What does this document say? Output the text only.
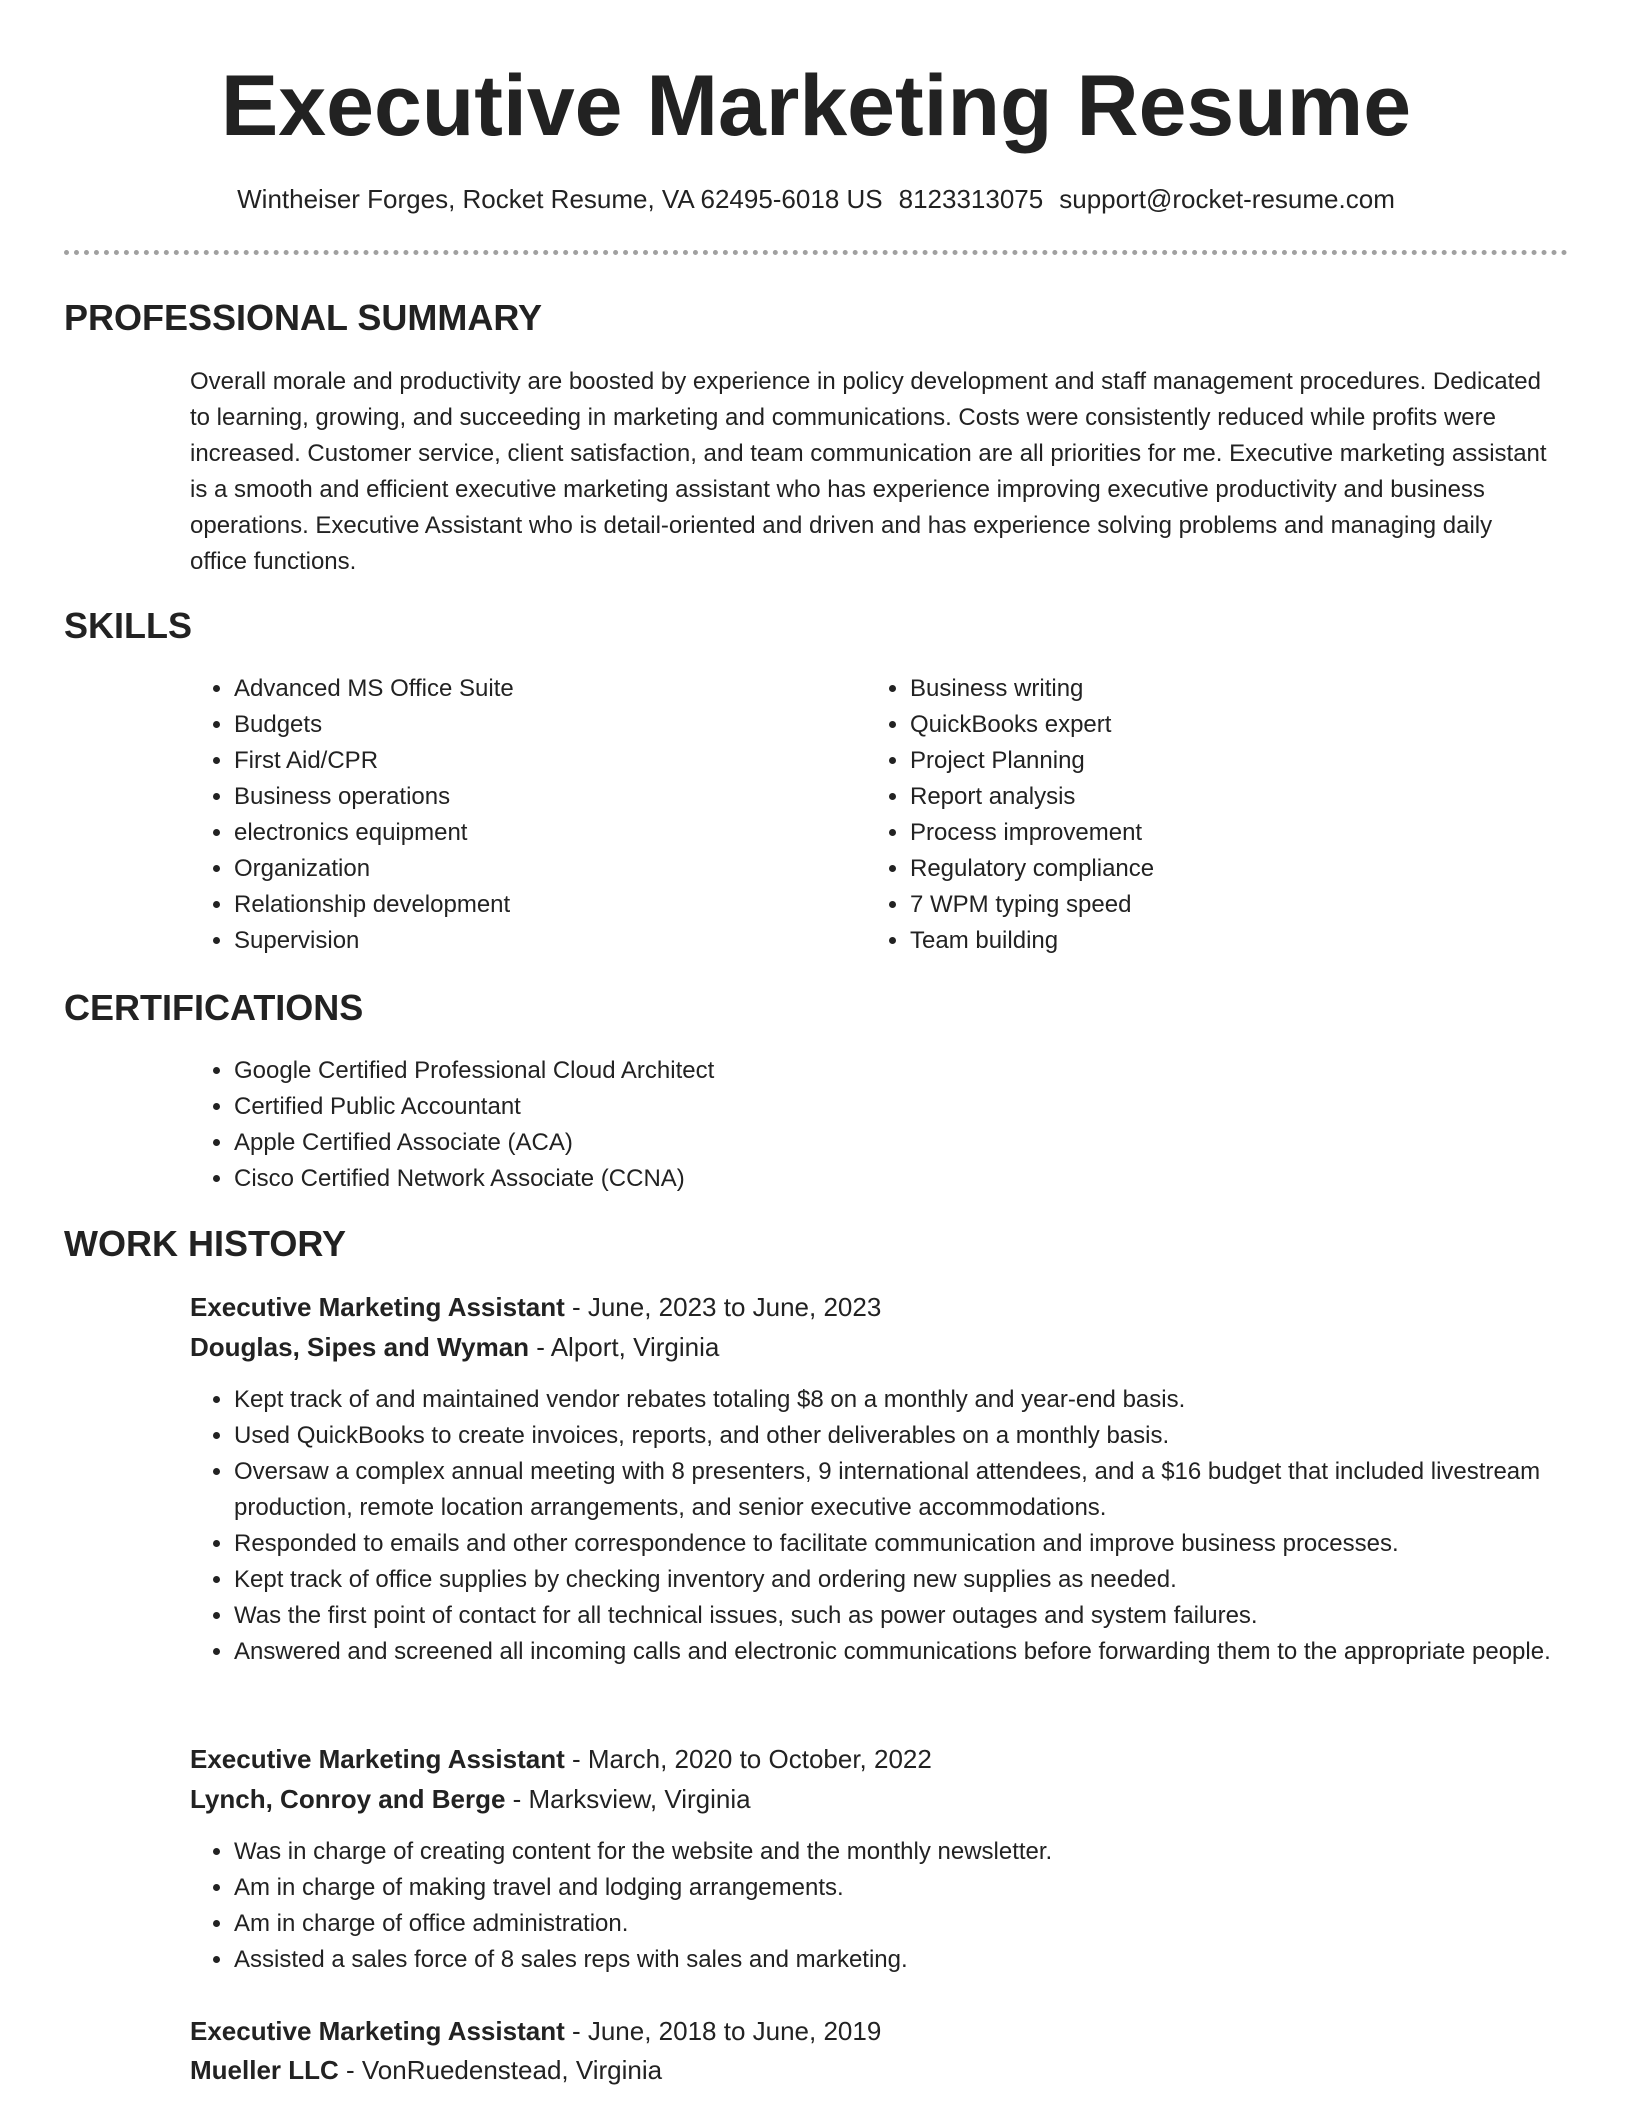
Executive Marketing Resume
Wintheiser Forges, Rocket Resume, VA 62495-6018 US 8123313075 support@rocket-resume.com
PROFESSIONAL SUMMARY

Overall morale and productivity are boosted by experience in policy development and staff management procedures. Dedicated to learning, growing, and succeeding in marketing and communications. Costs were consistently reduced while profits were increased. Customer service, client satisfaction, and team communication are all priorities for me. Executive marketing assistant is a smooth and efficient executive marketing assistant who has experience improving executive productivity and business operations. Executive Assistant who is detail-oriented and driven and has experience solving problems and managing daily office functions.

SKILLS
• Advanced MS Office Suite
• Budgets
• First Aid/CPR
• Business operations
• electronics equipment
• Organization
• Relationship development
• Supervision
• Business writing
• QuickBooks expert
• Project Planning
• Report analysis
• Process improvement
• Regulatory compliance
• 7 WPM typing speed
• Team building
CERTIFICATIONS
• Google Certified Professional Cloud Architect
• Certified Public Accountant
• Apple Certified Associate (ACA)
• Cisco Certified Network Associate (CCNA)
WORK HISTORY
Executive Marketing Assistant - June, 2023 to June, 2023
Douglas, Sipes and Wyman - Alport, Virginia
• Kept track of and maintained vendor rebates totaling $8 on a monthly and year-end basis.
• Used QuickBooks to create invoices, reports, and other deliverables on a monthly basis.
• Oversaw a complex annual meeting with 8 presenters, 9 international attendees, and a $16 budget that included livestream production, remote location arrangements, and senior executive accommodations.
• Responded to emails and other correspondence to facilitate communication and improve business processes.
• Kept track of office supplies by checking inventory and ordering new supplies as needed.
• Was the first point of contact for all technical issues, such as power outages and system failures.
• Answered and screened all incoming calls and electronic communications before forwarding them to the appropriate people.
Executive Marketing Assistant - March, 2020 to October, 2022
Lynch, Conroy and Berge - Marksview, Virginia
• Was in charge of creating content for the website and the monthly newsletter.
• Am in charge of making travel and lodging arrangements.
• Am in charge of office administration.
• Assisted a sales force of 8 sales reps with sales and marketing.
Executive Marketing Assistant - June, 2018 to June, 2019
Mueller LLC - VonRuedenstead, Virginia
